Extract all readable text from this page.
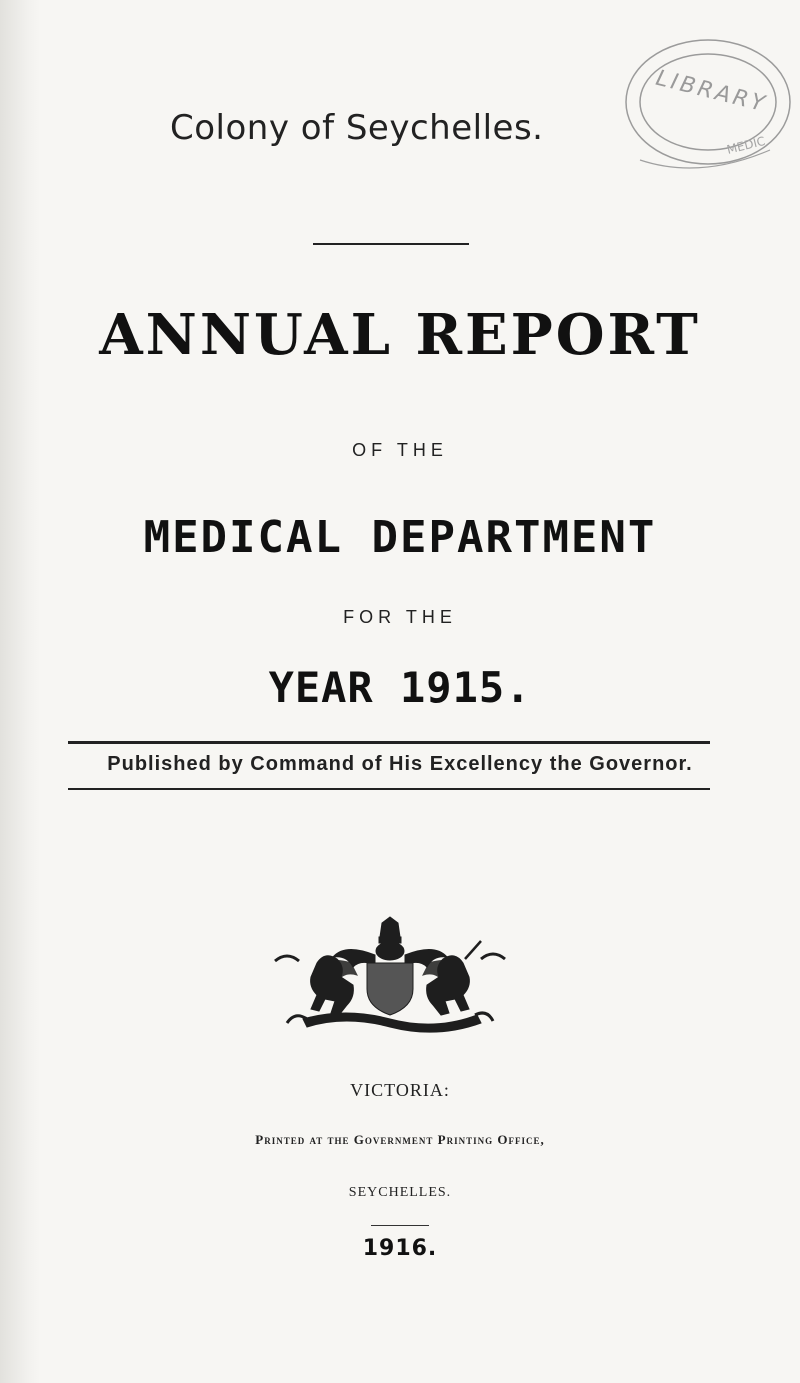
Colony of Seychelles.
LIBRARY
MEDIC
ANNUAL REPORT
OF THE
MEDICAL DEPARTMENT
FOR THE
YEAR 1915.
Published by Command of His Excellency the Governor.
VICTORIA:
Printed at the Government Printing Office,
SEYCHELLES.
1916.
